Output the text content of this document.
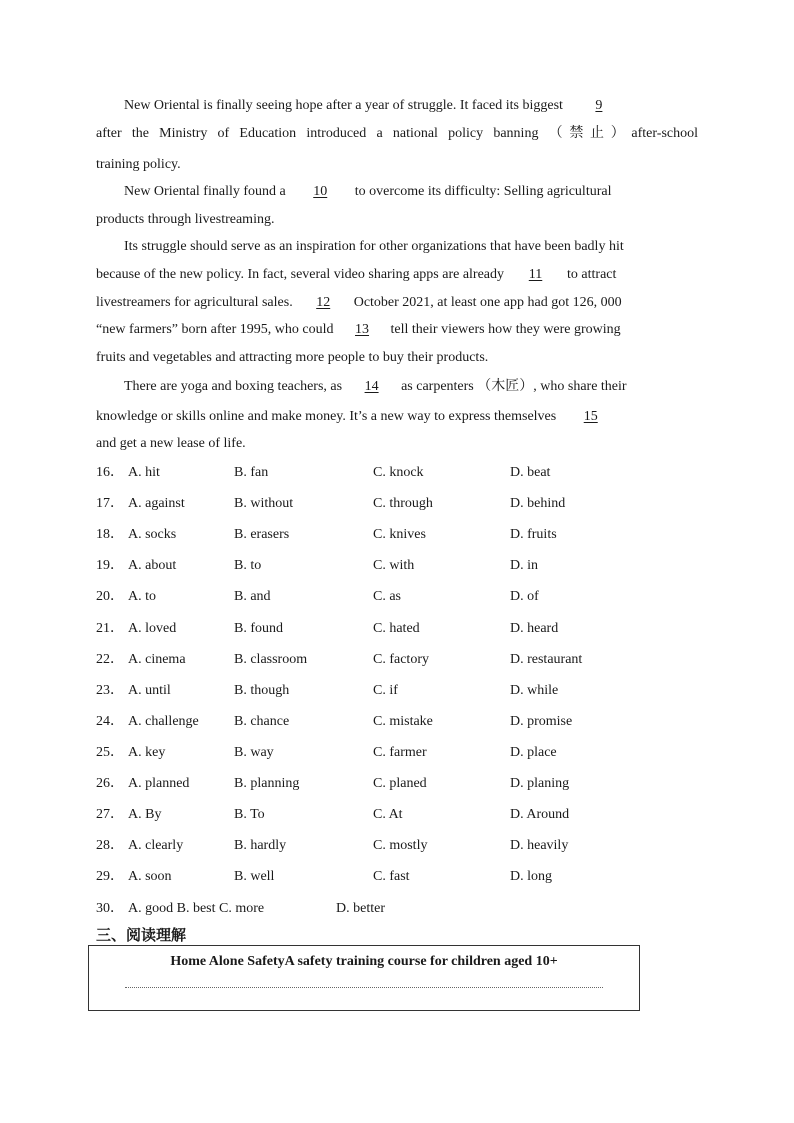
New Oriental is finally seeing hope after a year of struggle. It faced its biggest 9
after the Ministry of Education introduced a national policy banning （禁止）after-school
training policy.
New Oriental finally found a 10 to overcome its difficulty: Selling agricultural
products through livestreaming.
Its struggle should serve as an inspiration for other organizations that have been badly hit
because of the new policy. In fact, several video sharing apps are already 11 to attract
livestreamers for agricultural sales. 12 October 2021, at least one app had got 126, 000
“new farmers” born after 1995, who could 13 tell their viewers how they were growing
fruits and vegetables and attracting more people to buy their products.
There are yoga and boxing teachers, as 14 as carpenters （木匠）, who share their
knowledge or skills online and make money. It’s a new way to express themselves 15
and get a new lease of life.
16． A. hit	B. fan	C. knock	D. beat
17． A. against	B. without	C. through	D. behind
18． A. socks	B. erasers	C. knives	D. fruits
19． A. about	B. to	C. with	D. in
20． A. to	B. and	C. as	D. of
21． A. loved	B. found	C. hated	D. heard
22． A. cinema	B. classroom	C. factory	D. restaurant
23． A. until	B. though	C. if	D. while
24． A. challenge	B. chance	C. mistake	D. promise
25． A. key	B. way	C. farmer	D. place
26． A. planned	B. planning	C. planed	D. planing
27． A. By	B. To	C. At	D. Around
28． A. clearly	B. hardly	C. mostly	D. heavily
29． A. soon	B. well	C. fast	D. long
30． A. good B. best C. more	D. better
三、阅读理解
Home Alone SafetyA safety training course for children aged 10+
